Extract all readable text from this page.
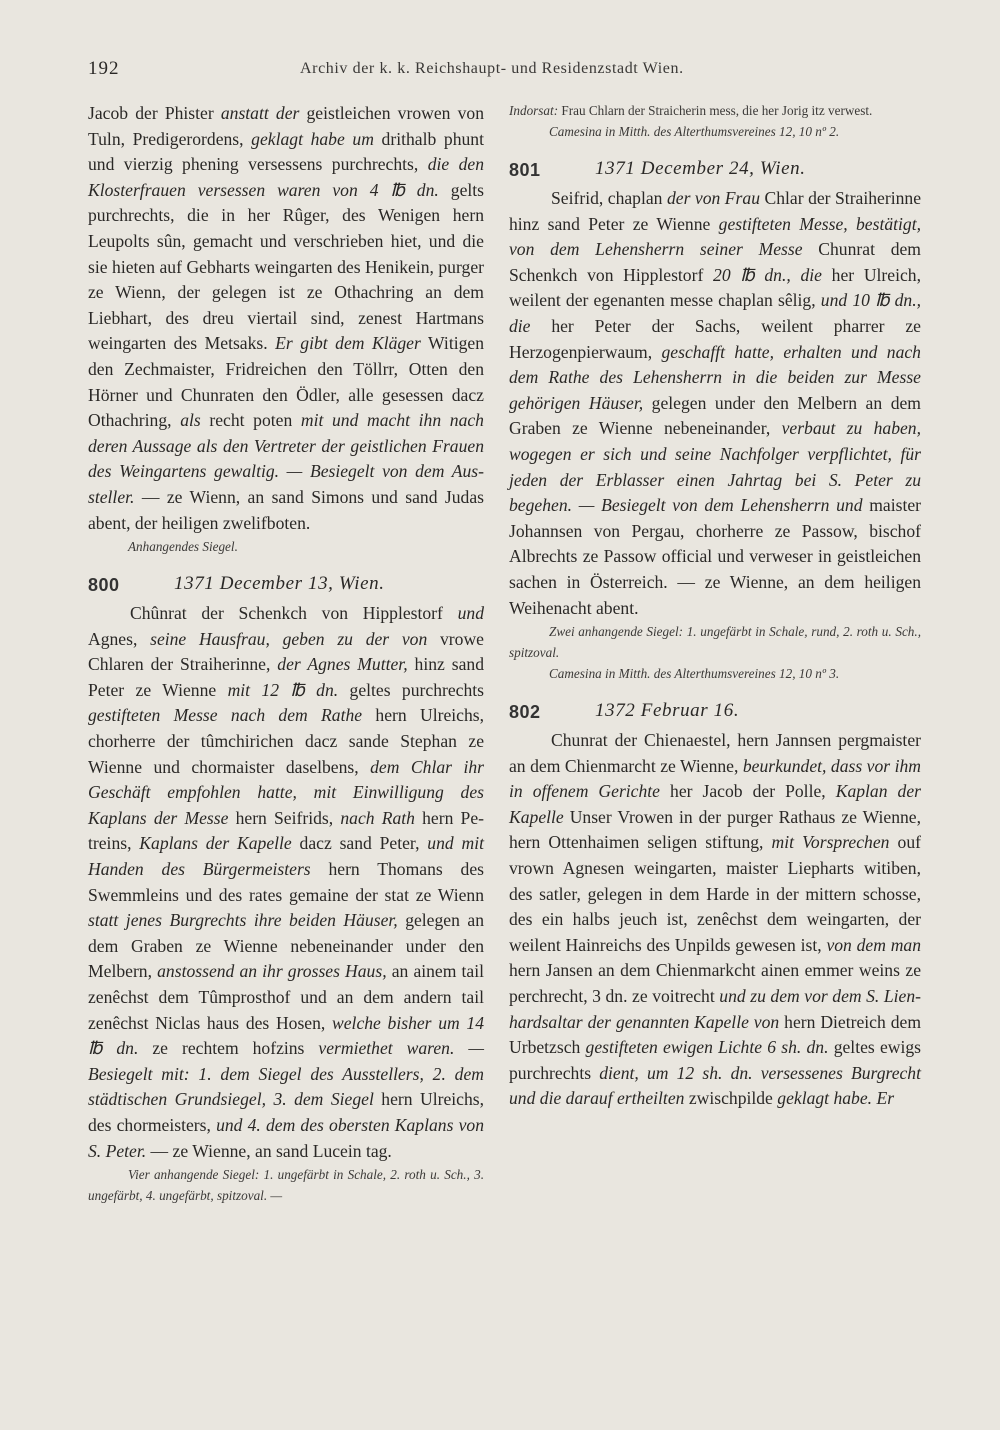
192	Archiv der k. k. Reichshaupt- und Residenzstadt Wien.

Jacob der Phister anstatt der geistleichen vrowen von Tuln, Predigerordens, geklagt habe um drithalb phunt und vierzig phening versessens purchrechts, die den Klosterfrauen versessen waren von 4 ℔ dn. gelts purchrechts, die in her Rûger, des Wenigen hern Leupolts sûn, gemacht und verschrieben hiet, und die sie hieten auf Gebharts weingarten des Henikein, purger ze Wienn, der gelegen ist ze Othachring an dem Liebhart, des dreu viertail sind, zenest Hartmans weingarten des Metsaks. Er gibt dem Kläger Witigen den Zechmaister, Fridreichen den Töllrr, Otten den Hörner und Chunraten den Ödler, alle gesessen dacz Othachring, als recht poten mit und macht ihn nach deren Aussage als den Vertreter der geistlichen Frauen des Weingartens gewaltig. — Besiegelt von dem Aussteller. — ze Wienn, an sand Simons und sand Judas abent, der heiligen zwelifboten.

Anhangendes Siegel.
800	1371 December 13, Wien.

Chûnrat der Schenkch von Hipplestorf und Agnes, seine Hausfrau, geben zu der von vrowe Chlaren der Straiherinne, der Agnes Mutter, hinz sand Peter ze Wienne mit 12 ℔ dn. geltes purchrechts gestifteten Messe nach dem Rathe hern Ulreichs, chorherre der tûmchirichen dacz sande Stephan ze Wienne und chormaister daselbens, dem Chlar ihr Geschäft empfohlen hatte, mit Einwilligung des Kaplans der Messe hern Seifrids, nach Rath hern Petreins, Kaplans der Kapelle dacz sand Peter, und mit Handen des Bürgermeisters hern Thomans des Swemmleins und des rates gemaine der stat ze Wienn statt jenes Burgrechts ihre beiden Häuser, gelegen an dem Graben ze Wienne nebeneinander under den Melbern, anstossend an ihr grosses Haus, an ainem tail zenêchst dem Tûmprosthof und an dem andern tail zenêchst Niclas haus des Hosen, welche bisher um 14 ℔ dn. ze rechtem hofzins vermiethet waren. — Besiegelt mit: 1. dem Siegel des Ausstellers, 2. dem städtischen Grundsiegel, 3. dem Siegel hern Ulreichs, des chormeisters, und 4. dem des obersten Kaplans von S. Peter. — ze Wienne, an sand Lucein tag.

Vier anhangende Siegel: 1. ungefärbt in Schale, 2. roth u. Sch., 3. ungefärbt, 4. ungefärbt, spitzoval. —
Indorsat: Frau Chlarn der Straicherin mess, die her Jorig itz verwest.
Camesina in Mitth. des Alterthumsvereines 12, 10 nº 2.
801	1371 December 24, Wien.

Seifrid, chaplan der von Frau Chlar der Straiherinne hinz sand Peter ze Wienne gestifteten Messe, bestätigt, von dem Lehensherrn seiner Messe Chunrat dem Schenkch von Hipplestorf 20 ℔ dn., die her Ulreich, weilent der egenanten messe chaplan sêlig, und 10 ℔ dn., die her Peter der Sachs, weilent pharrer ze Herzogenpierwaum, geschafft hatte, erhalten und nach dem Rathe des Lehensherrn in die beiden zur Messe gehörigen Häuser, gelegen under den Melbern an dem Graben ze Wienne nebeneinander, verbaut zu haben, wogegen er sich und seine Nachfolger verpflichtet, für jeden der Erblasser einen Jahrtag bei S. Peter zu begehen. — Besiegelt von dem Lehensherrn und maister Johannsen von Pergau, chorherre ze Passow, bischof Albrechts ze Passow official und verweser in geistleichen sachen in Österreich. — ze Wienne, an dem heiligen Weihenacht abent.

Zwei anhangende Siegel: 1. ungefärbt in Schale, rund, 2. roth u. Sch., spitzoval.
Camesina in Mitth. des Alterthumsvereines 12, 10 nº 3.
802	1372 Februar 16.

Chunrat der Chienaestel, hern Jannsen pergmaister an dem Chienmarcht ze Wienne, beurkundet, dass vor ihm in offenem Gerichte her Jacob der Polle, Kaplan der Kapelle Unser Vrowen in der purger Rathaus ze Wienne, hern Ottenhaimen seligen stiftung, mit Vorsprechen ouf vrown Agnesen weingarten, maister Liepharts witiben, des satler, gelegen in dem Harde in der mittern schosse, des ein halbs jeuch ist, zenêchst dem weingarten, der weilent Hainreichs des Unpilds gewesen ist, von dem man hern Jansen an dem Chienmarkcht ainen emmer weins ze perchrecht, 3 dn. ze voitrecht und zu dem vor dem S. Lienhardsaltar der genannten Kapelle von hern Dietreich dem Urbetzsch gestifteten ewigen Lichte 6 sh. dn. geltes ewigs purchrechts dient, um 12 sh. dn. versessenes Burgrecht und die darauf ertheilten zwischpilde geklagt habe. Er
